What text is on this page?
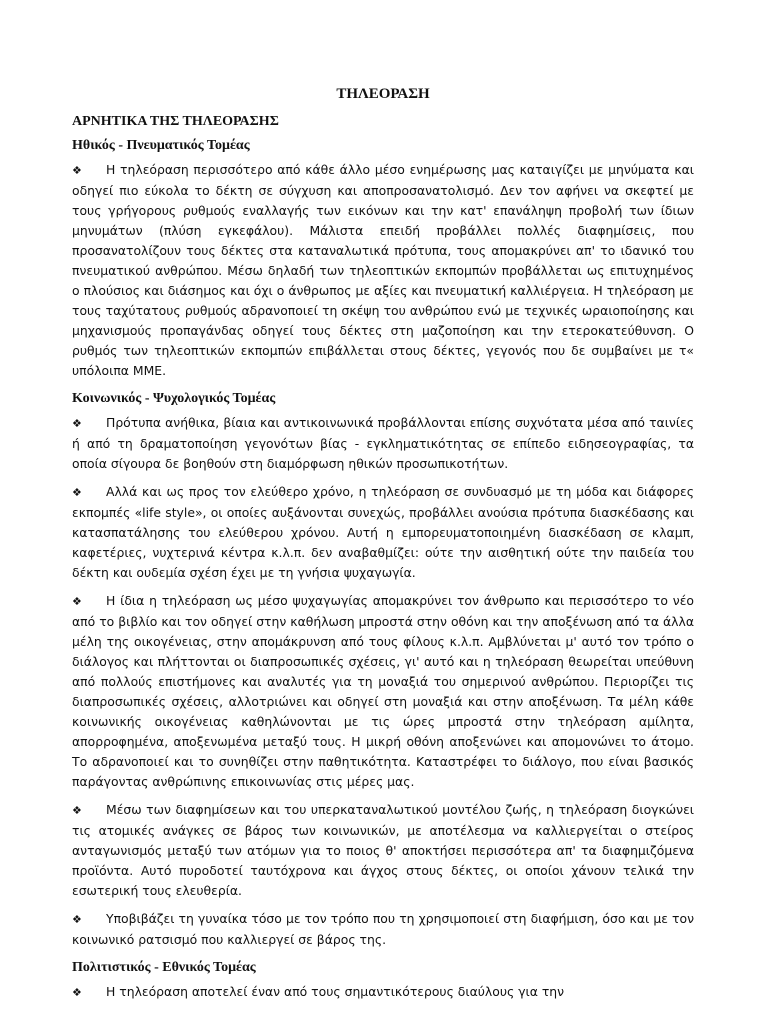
ΤΗΛΕΟΡΑΣΗ
ΑΡΝΗΤΙΚΑ ΤΗΣ ΤΗΛΕΟΡΑΣΗΣ
Ηθικός - Πνευματικός Τομέας
❖ Η τηλεόραση περισσότερο από κάθε άλλο μέσο ενημέρωσης μας καταιγίζει με μηνύματα και οδηγεί πιο εύκολα το δέκτη σε σύγχυση και αποπροσανατολισμό. Δεν τον αφήνει να σκεφτεί με τους γρήγορους ρυθμούς εναλλαγής των εικόνων και την κατ' επανάληψη προβολή των ίδιων μηνυμάτων (πλύση εγκεφάλου). Μάλιστα επειδή προβάλλει πολλές διαφημίσεις, που προσανατολίζουν τους δέκτες στα καταναλωτικά πρότυπα, τους απομακρύνει απ' το ιδανικό του πνευματικού ανθρώπου. Μέσω δηλαδή των τηλεοπτικών εκπομπών προβάλλεται ως επιτυχημένος ο πλούσιος και διάσημος και όχι ο άνθρωπος με αξίες και πνευματική καλλιέργεια. Η τηλεόραση με τους ταχύτατους ρυθμούς αδρανοποιεί τη σκέψη του ανθρώπου ενώ με τεχνικές ωραιοποίησης και μηχανισμούς προπαγάνδας οδηγεί τους δέκτες στη μαζοποίηση και την ετεροκατεύθυνση. Ο ρυθμός των τηλεοπτικών εκπομπών επιβάλλεται στους δέκτες, γεγονός που δε συμβαίνει με τ« υπόλοιπα ΜΜΕ.
Κοινωνικός - Ψυχολογικός Τομέας
❖ Πρότυπα ανήθικα, βίαια και αντικοινωνικά προβάλλονται επίσης συχνότατα μέσα από ταινίες ή από τη δραματοποίηση γεγονότων βίας - εγκληματικότητας σε επίπεδο ειδησεογραφίας, τα οποία σίγουρα δε βοηθούν στη διαμόρφωση ηθικών προσωπικοτήτων.
❖ Αλλά και ως προς τον ελεύθερο χρόνο, η τηλεόραση σε συνδυασμό με τη μόδα και διάφορες εκπομπές «life style», οι οποίες αυξάνονται συνεχώς, προβάλλει ανούσια πρότυπα διασκέδασης και κατασπατάλησης του ελεύθερου χρόνου. Αυτή η εμπορευματοποιημένη διασκέδαση σε κλαμπ, καφετέριες, νυχτερινά κέντρα κ.λ.π. δεν αναβαθμίζει: ούτε την αισθητική ούτε την παιδεία του δέκτη και ουδεμία σχέση έχει με τη γνήσια ψυχαγωγία.
❖ Η ίδια η τηλεόραση ως μέσο ψυχαγωγίας απομακρύνει τον άνθρωπο και περισσότερο το νέο από το βιβλίο και τον οδηγεί στην καθήλωση μπροστά στην οθόνη και την αποξένωση από τα άλλα μέλη της οικογένειας, στην απομάκρυνση από τους φίλους κ.λ.π. Αμβλύνεται μ' αυτό τον τρόπο ο διάλογος και πλήττονται οι διαπροσωπικές σχέσεις, γι' αυτό και η τηλεόραση θεωρείται υπεύθυνη από πολλούς επιστήμονες και αναλυτές για τη μοναξιά του σημερινού ανθρώπου. Περιορίζει τις διαπροσωπικές σχέσεις, αλλοτριώνει και οδηγεί στη μοναξιά και στην αποξένωση. Τα μέλη κάθε κοινωνικής οικογένειας καθηλώνονται με τις ώρες μπροστά στην τηλεόραση αμίλητα, απορροφημένα, αποξενωμένα μεταξύ τους. Η μικρή οθόνη αποξενώνει και απομονώνει το άτομο. Το αδρανοποιεί και το συνηθίζει στην παθητικότητα. Καταστρέφει το διάλογο, που είναι βασικός παράγοντας ανθρώπινης επικοινωνίας στις μέρες μας.
❖ Μέσω των διαφημίσεων και του υπερκαταναλωτικού μοντέλου ζωής, η τηλεόραση διογκώνει τις ατομικές ανάγκες σε βάρος των κοινωνικών, με αποτέλεσμα να καλλιεργείται ο στείρος ανταγωνισμός μεταξύ των ατόμων για το ποιος θ' αποκτήσει περισσότερα απ' τα διαφημιζόμενα προϊόντα. Αυτό πυροδοτεί ταυτόχρονα και άγχος στους δέκτες, οι οποίοι χάνουν τελικά την εσωτερική τους ελευθερία.
❖ Υποβιβάζει τη γυναίκα τόσο με τον τρόπο που τη χρησιμοποιεί στη διαφήμιση, όσο και με τον κοινωνικό ρατσισμό που καλλιεργεί σε βάρος της.
Πολιτιστικός - Εθνικός Τομέας
❖ Η τηλεόραση αποτελεί έναν από τους σημαντικότερους διαύλους για την
